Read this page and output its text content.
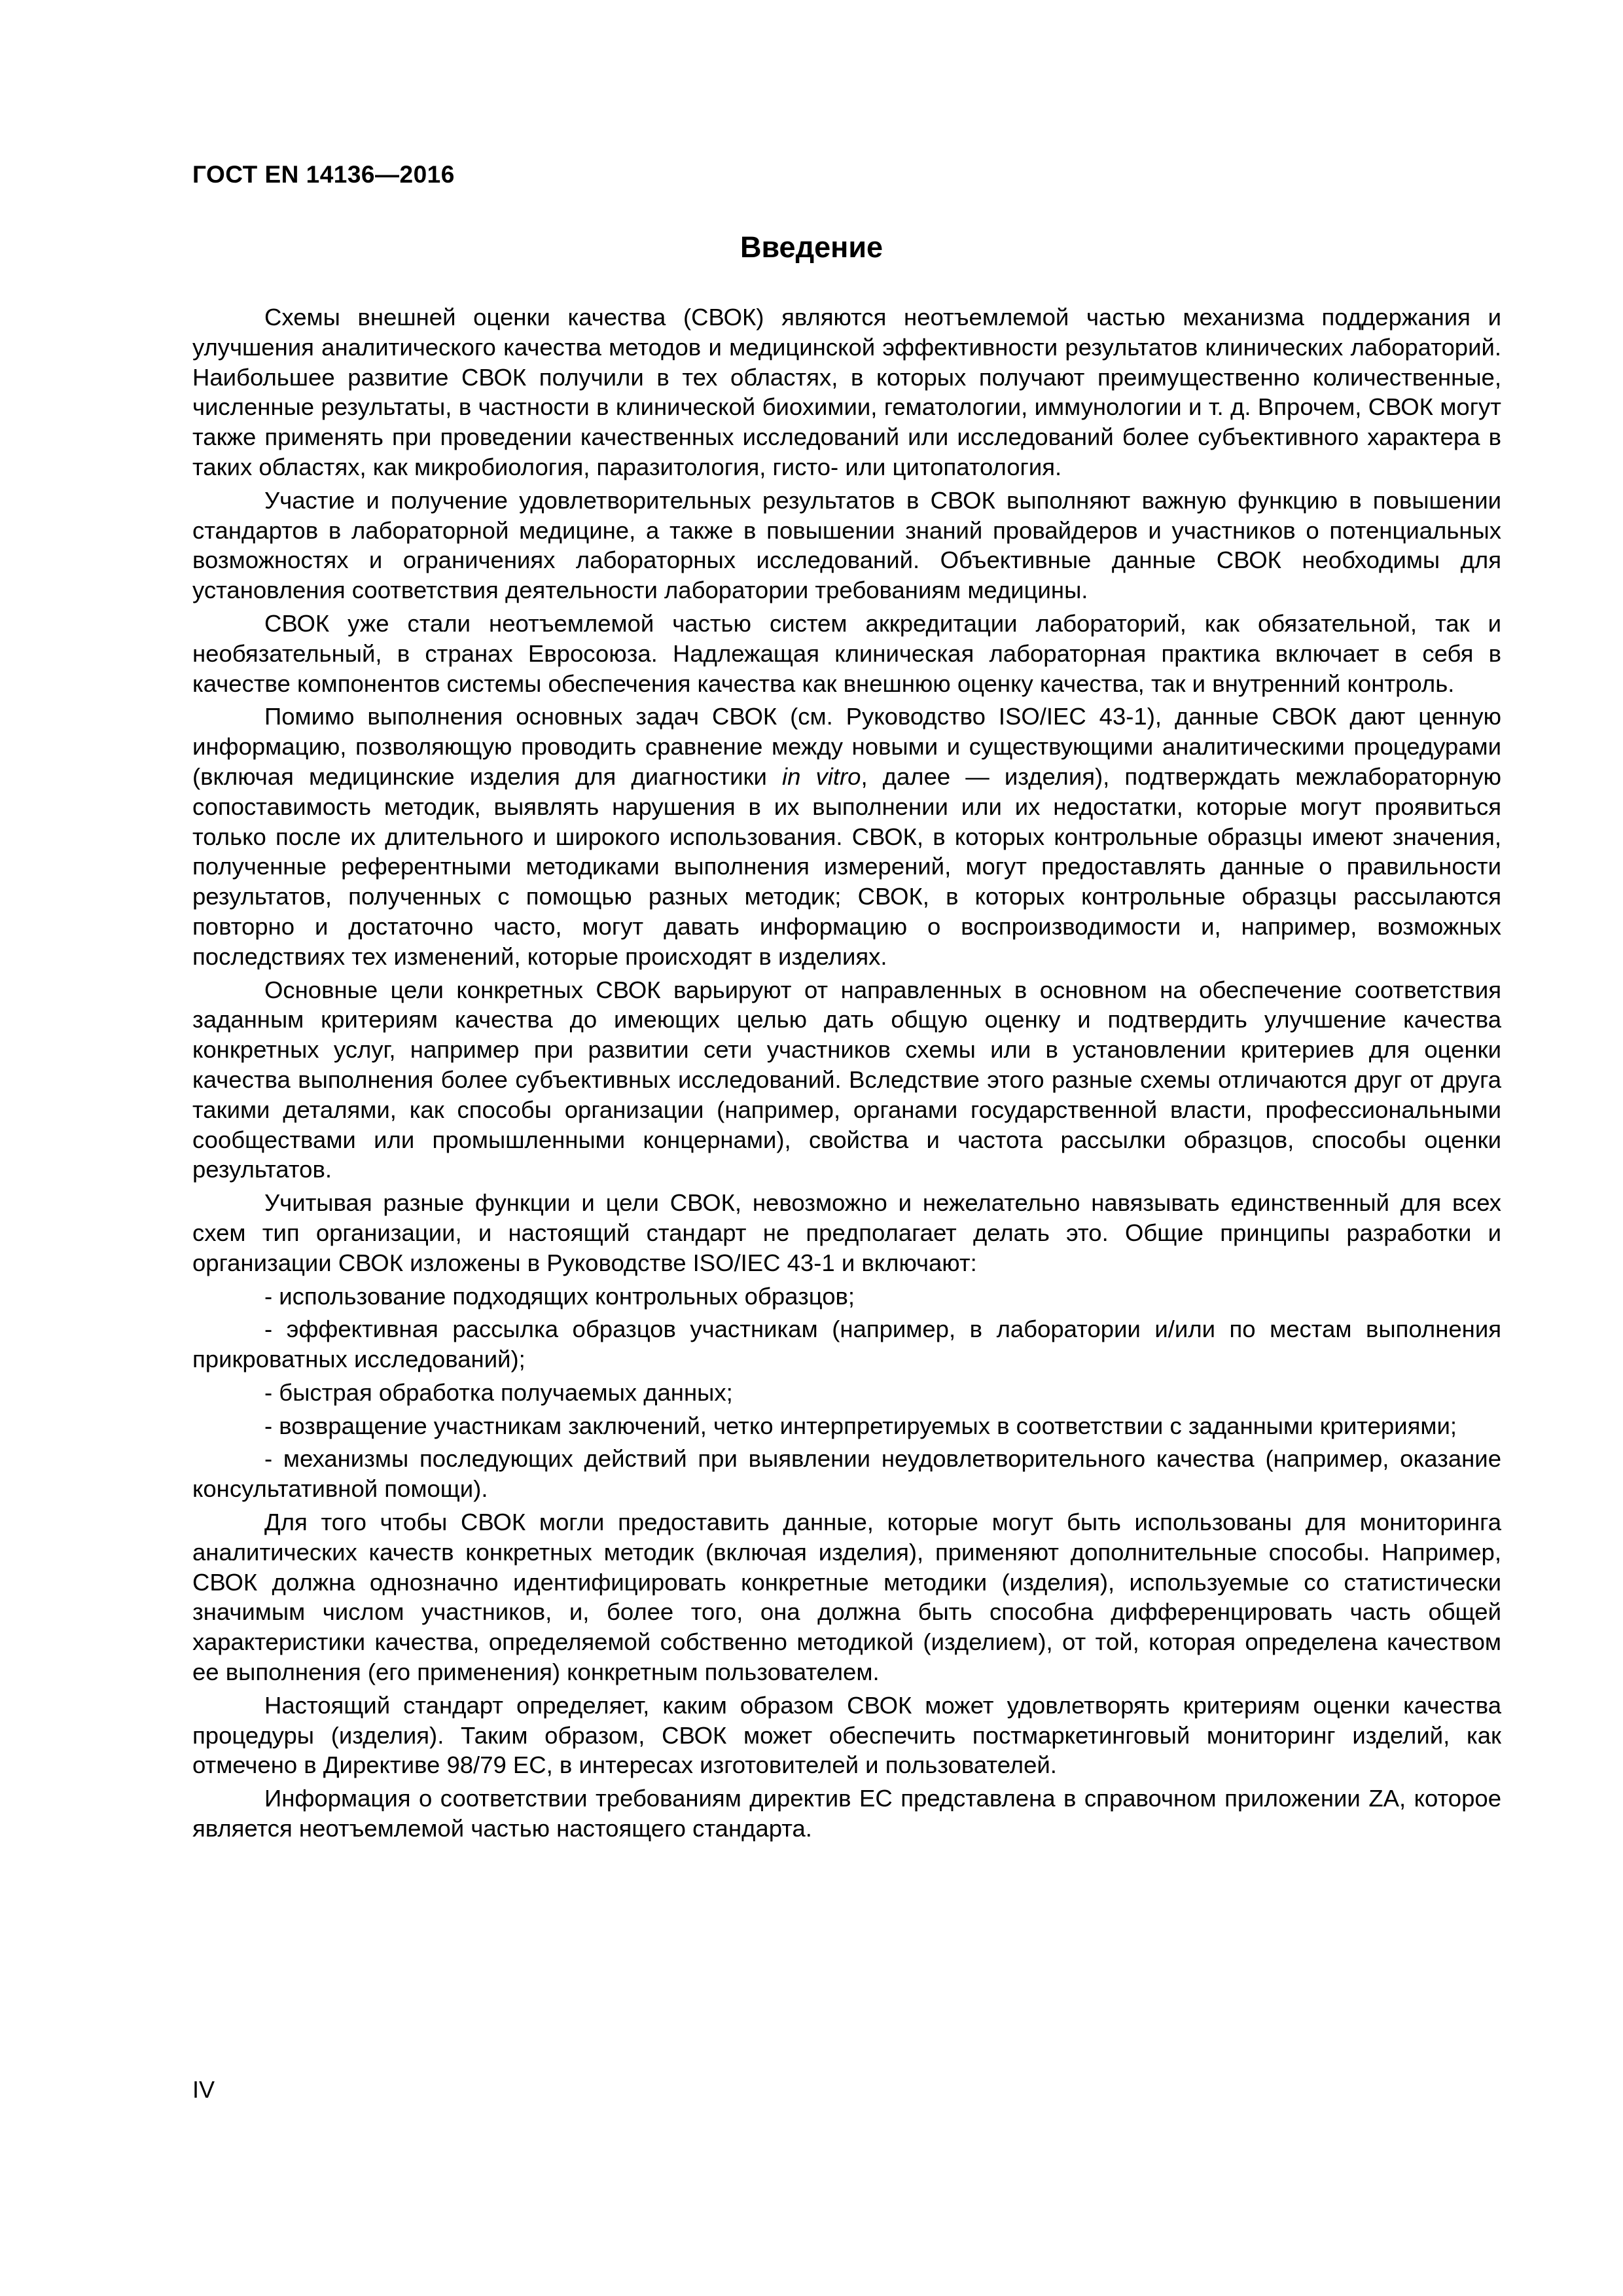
ГОСТ EN 14136—2016
Введение

Схемы внешней оценки качества (СВОК) являются неотъемлемой частью механизма поддержания и улучшения аналитического качества методов и медицинской эффективности результатов клинических лабораторий. Наибольшее развитие СВОК получили в тех областях, в которых получают преимущественно количественные, численные результаты, в частности в клинической биохимии, гематологии, иммунологии и т. д. Впрочем, СВОК могут также применять при проведении качественных исследований или исследований более субъективного характера в таких областях, как микробиология, паразитология, гисто- или цитопатология.

Участие и получение удовлетворительных результатов в СВОК выполняют важную функцию в повышении стандартов в лабораторной медицине, а также в повышении знаний провайдеров и участников о потенциальных возможностях и ограничениях лабораторных исследований. Объективные данные СВОК необходимы для установления соответствия деятельности лаборатории требованиям медицины.

СВОК уже стали неотъемлемой частью систем аккредитации лабораторий, как обязательной, так и необязательный, в странах Евросоюза. Надлежащая клиническая лабораторная практика включает в себя в качестве компонентов системы обеспечения качества как внешнюю оценку качества, так и внутренний контроль.

Помимо выполнения основных задач СВОК (см. Руководство ISO/IEC 43-1), данные СВОК дают ценную информацию, позволяющую проводить сравнение между новыми и существующими аналитическими процедурами (включая медицинские изделия для диагностики in vitro, далее — изделия), подтверждать межлабораторную сопоставимость методик, выявлять нарушения в их выполнении или их недостатки, которые могут проявиться только после их длительного и широкого использования. СВОК, в которых контрольные образцы имеют значения, полученные референтными методиками выполнения измерений, могут предоставлять данные о правильности результатов, полученных с помощью разных методик; СВОК, в которых контрольные образцы рассылаются повторно и достаточно часто, могут давать информацию о воспроизводимости и, например, возможных последствиях тех изменений, которые происходят в изделиях.

Основные цели конкретных СВОК варьируют от направленных в основном на обеспечение соответствия заданным критериям качества до имеющих целью дать общую оценку и подтвердить улучшение качества конкретных услуг, например при развитии сети участников схемы или в установлении критериев для оценки качества выполнения более субъективных исследований. Вследствие этого разные схемы отличаются друг от друга такими деталями, как способы организации (например, органами государственной власти, профессиональными сообществами или промышленными концернами), свойства и частота рассылки образцов, способы оценки результатов.

Учитывая разные функции и цели СВОК, невозможно и нежелательно навязывать единственный для всех схем тип организации, и настоящий стандарт не предполагает делать это. Общие принципы разработки и организации СВОК изложены в Руководстве ISO/IEC 43-1 и включают:

- использование подходящих контрольных образцов;

- эффективная рассылка образцов участникам (например, в лаборатории и/или по местам выполнения прикроватных исследований);

- быстрая обработка получаемых данных;

- возвращение участникам заключений, четко интерпретируемых в соответствии с заданными критериями;

- механизмы последующих действий при выявлении неудовлетворительного качества (например, оказание консультативной помощи).

Для того чтобы СВОК могли предоставить данные, которые могут быть использованы для мониторинга аналитических качеств конкретных методик (включая изделия), применяют дополнительные способы. Например, СВОК должна однозначно идентифицировать конкретные методики (изделия), используемые со статистически значимым числом участников, и, более того, она должна быть способна дифференцировать часть общей характеристики качества, определяемой собственно методикой (изделием), от той, которая определена качеством ее выполнения (его применения) конкретным пользователем.

Настоящий стандарт определяет, каким образом СВОК может удовлетворять критериям оценки качества процедуры (изделия). Таким образом, СВОК может обеспечить постмаркетинговый мониторинг изделий, как отмечено в Директиве 98/79 ЕС, в интересах изготовителей и пользователей.

Информация о соответствии требованиям директив ЕС представлена в справочном приложении ZA, которое является неотъемлемой частью настоящего стандарта.

IV
